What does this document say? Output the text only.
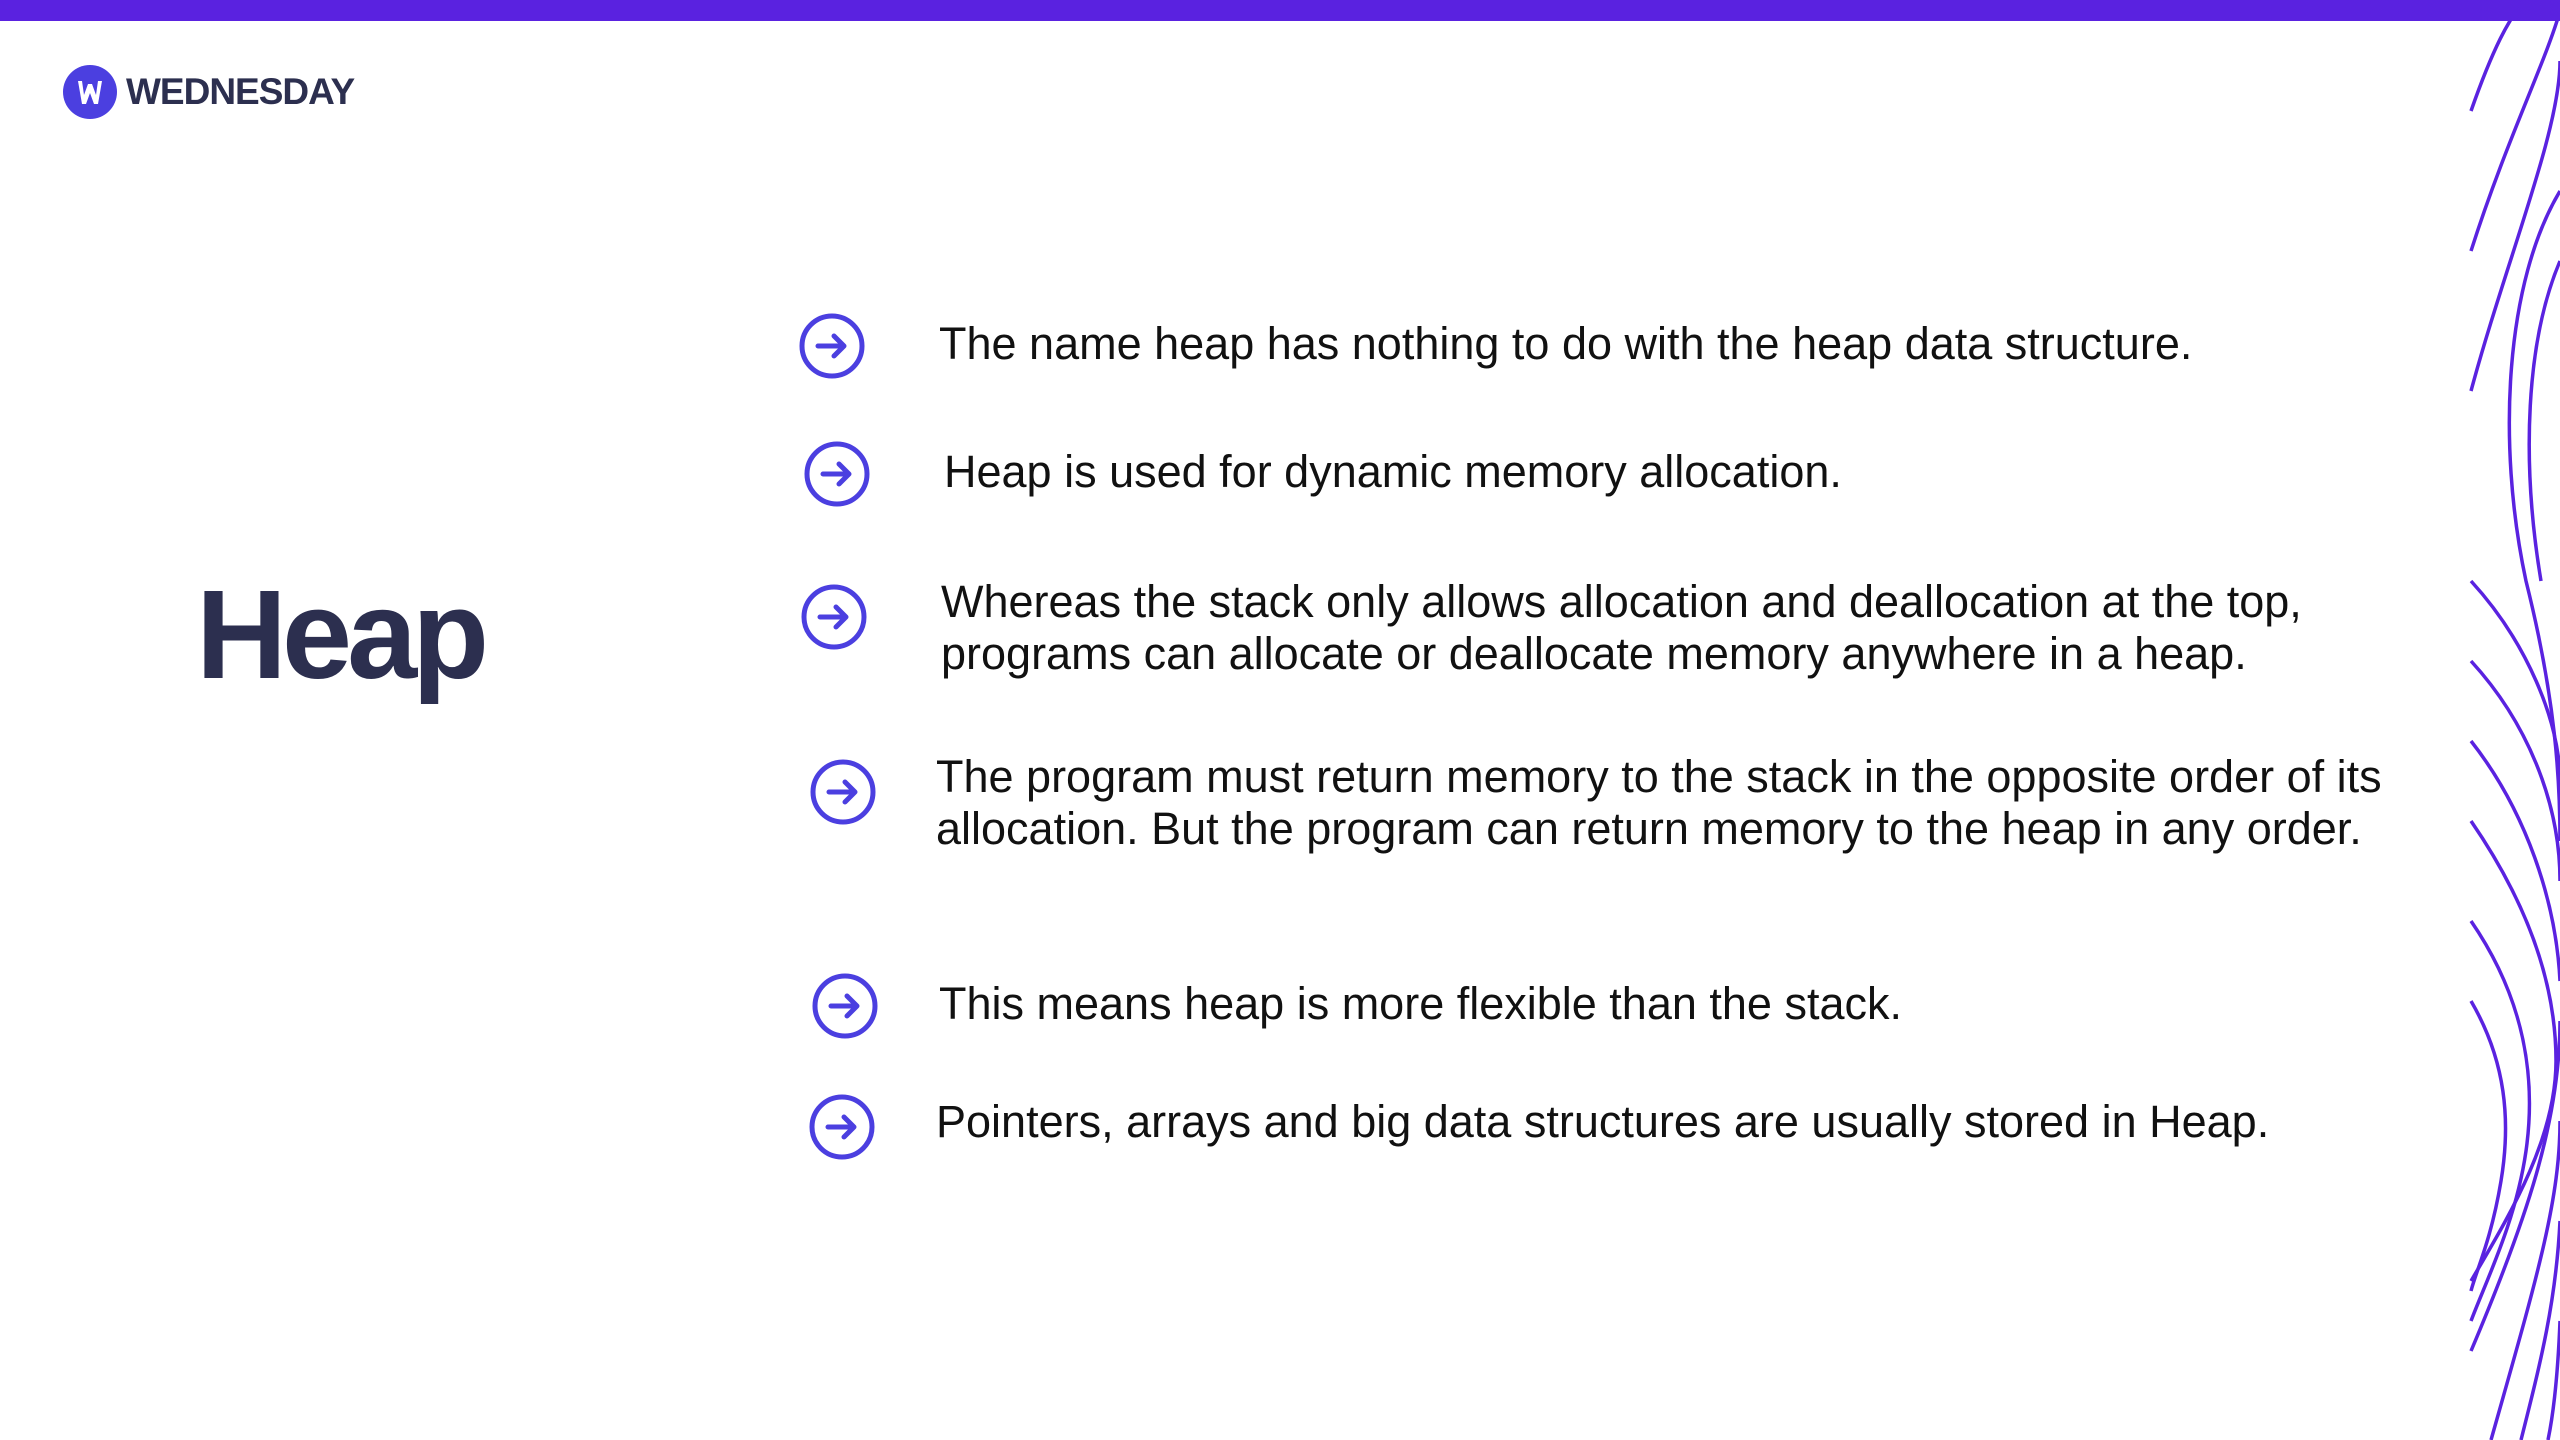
WEDNESDAY
Heap

The name heap has nothing to do with the heap data structure.

Heap is used for dynamic memory allocation.

Whereas the stack only allows allocation and deallocation at the top, programs can allocate or deallocate memory anywhere in a heap.

The program must return memory to the stack in the opposite order of its allocation. But the program can return memory to the heap in any order.

This means heap is more flexible than the stack.

Pointers, arrays and big data structures are usually stored in Heap.
